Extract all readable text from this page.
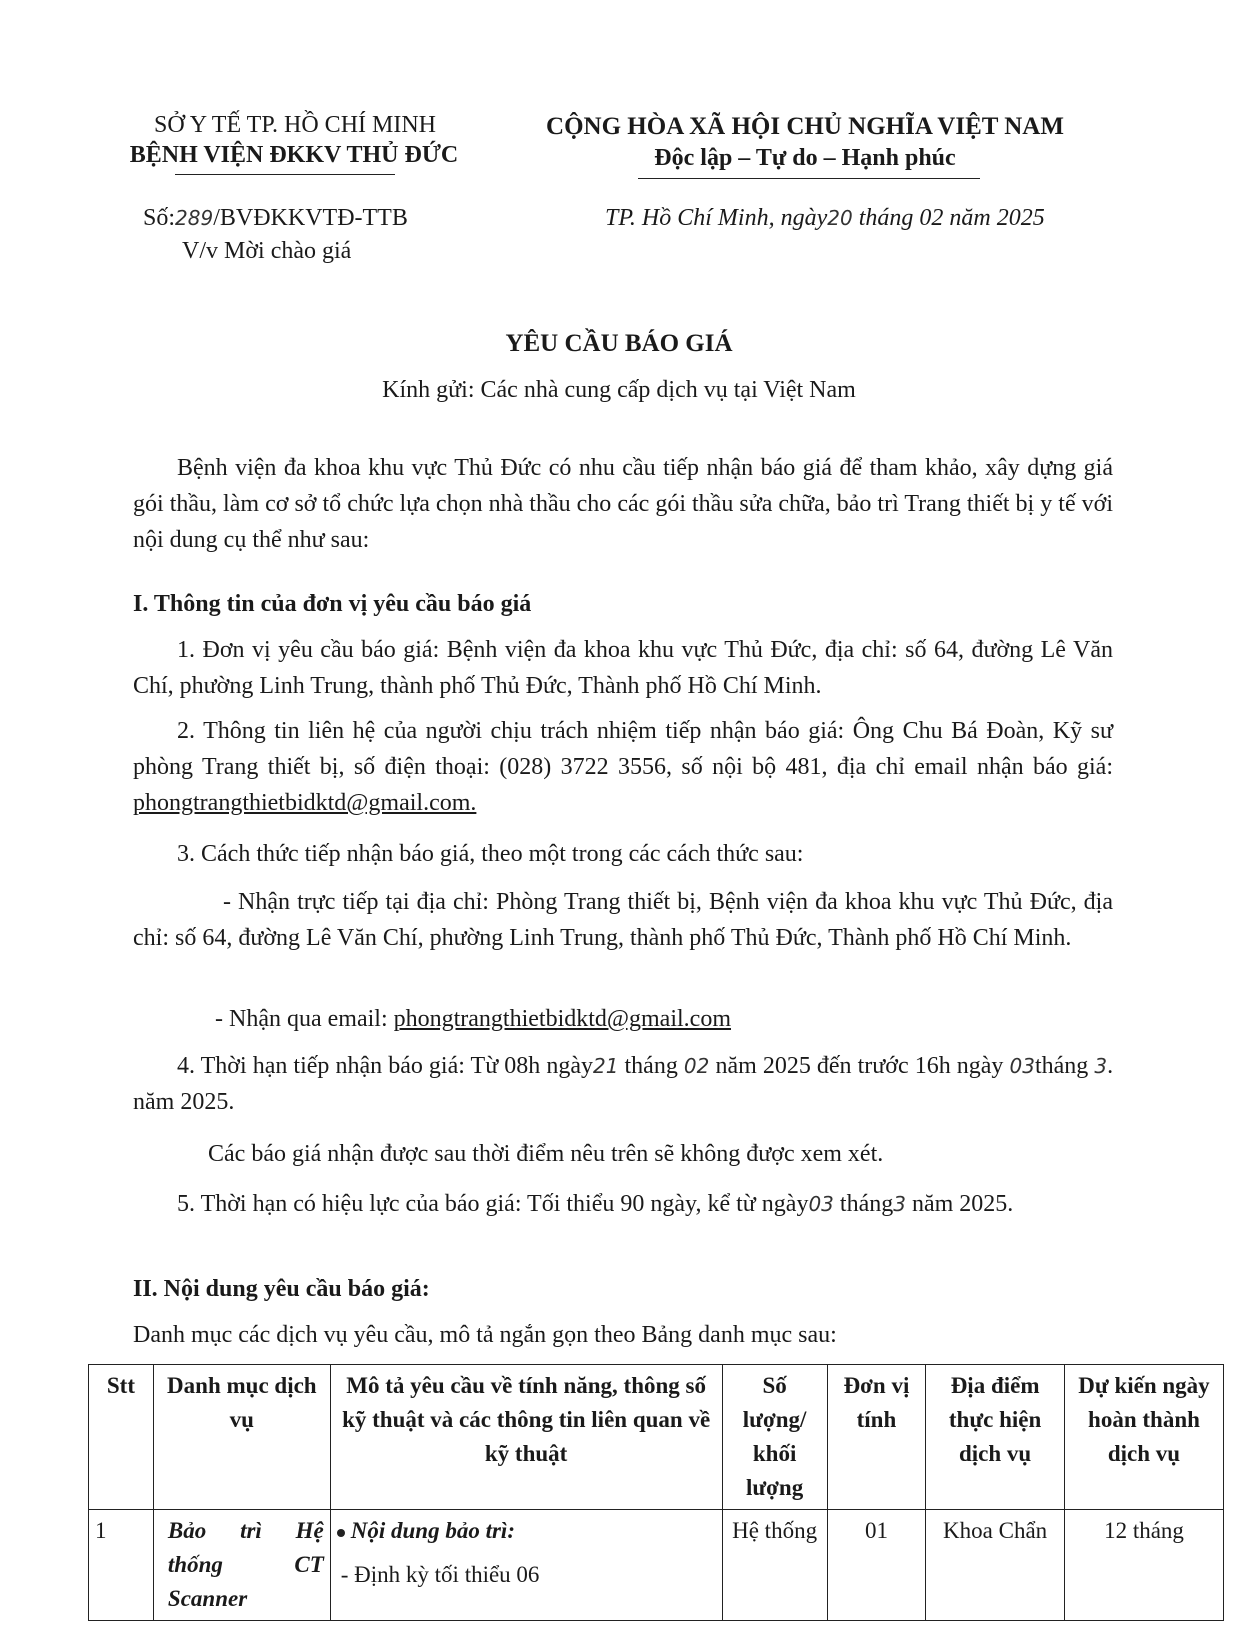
SỞ Y TẾ TP. HỒ CHÍ MINH
BỆNH VIỆN ĐKKV THỦ ĐỨC
CỘNG HÒA XÃ HỘI CHỦ NGHĨA VIỆT NAM
Độc lập – Tự do – Hạnh phúc
Số:289/BVĐKKVTĐ-TTB
V/v Mời chào giá
TP. Hồ Chí Minh, ngày20 tháng 02 năm 2025
YÊU CẦU BÁO GIÁ
Kính gửi: Các nhà cung cấp dịch vụ tại Việt Nam
Bệnh viện đa khoa khu vực Thủ Đức có nhu cầu tiếp nhận báo giá để tham khảo, xây dựng giá gói thầu, làm cơ sở tổ chức lựa chọn nhà thầu cho các gói thầu sửa chữa, bảo trì Trang thiết bị y tế với nội dung cụ thể như sau:
I. Thông tin của đơn vị yêu cầu báo giá
1. Đơn vị yêu cầu báo giá: Bệnh viện đa khoa khu vực Thủ Đức, địa chỉ: số 64, đường Lê Văn Chí, phường Linh Trung, thành phố Thủ Đức, Thành phố Hồ Chí Minh.
2. Thông tin liên hệ của người chịu trách nhiệm tiếp nhận báo giá: Ông Chu Bá Đoàn, Kỹ sư phòng Trang thiết bị, số điện thoại: (028) 3722 3556, số nội bộ 481, địa chỉ email nhận báo giá: phongtrangthietbidktd@gmail.com.
3. Cách thức tiếp nhận báo giá, theo một trong các cách thức sau:
- Nhận trực tiếp tại địa chỉ: Phòng Trang thiết bị, Bệnh viện đa khoa khu vực Thủ Đức, địa chỉ: số 64, đường Lê Văn Chí, phường Linh Trung, thành phố Thủ Đức, Thành phố Hồ Chí Minh.
- Nhận qua email: phongtrangthietbidktd@gmail.com
4. Thời hạn tiếp nhận báo giá: Từ 08h ngày21 tháng 02 năm 2025 đến trước 16h ngày 03tháng 3. năm 2025.
Các báo giá nhận được sau thời điểm nêu trên sẽ không được xem xét.
5. Thời hạn có hiệu lực của báo giá: Tối thiểu 90 ngày, kể từ ngày03 tháng3 năm 2025.
II. Nội dung yêu cầu báo giá:
Danh mục các dịch vụ yêu cầu, mô tả ngắn gọn theo Bảng danh mục sau:
Stt	Danh mục dịch vụ	Mô tả yêu cầu về tính năng, thông số kỹ thuật và các thông tin liên quan về kỹ thuật	Số lượng/ khối lượng	Đơn vị tính	Địa điểm thực hiện dịch vụ	Dự kiến ngày hoàn thành dịch vụ
1	Bảo trì Hệ thống CT Scanner	Nội dung bảo trì:
- Định kỳ tối thiểu 06	Hệ thống	01	Khoa Chẩn	12 tháng
